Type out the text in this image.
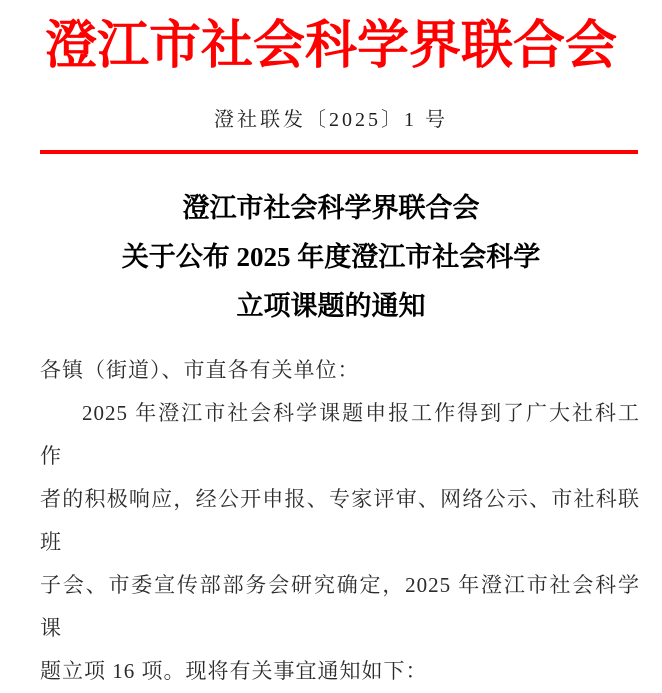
澄江市社会科学界联合会
澄社联发〔2025〕1 号
澄江市社会科学界联合会
关于公布 2025 年度澄江市社会科学
立项课题的通知
各镇（街道）、市直各有关单位：
2025 年澄江市社会科学课题申报工作得到了广大社科工作
者的积极响应，经公开申报、专家评审、网络公示、市社科联班
子会、市委宣传部部务会研究确定，2025 年澄江市社会科学课
题立项 16 项。现将有关事宜通知如下：
